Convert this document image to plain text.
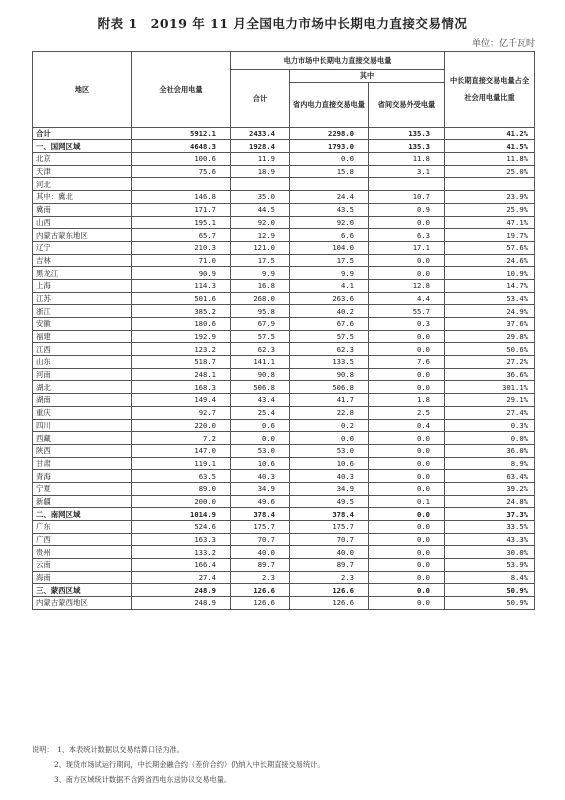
附表 1　2019 年 11 月全国电力市场中长期电力直接交易情况
单位：亿千瓦时
地区	全社会用电量	电力市场中长期电力直接交易电量			中长期直接交易电量占全社会用电量比重
		合计	其中		
			省内电力直接交易电量	省间交易外受电量	
合计	5912.1	2433.4	2298.0	135.3	41.2%
一、国网区域	4648.3	1928.4	1793.0	135.3	41.5%
北京	100.6	11.9	0.0	11.8	11.8%
天津	75.6	18.9	15.8	3.1	25.0%
河北					
其中：冀北	146.8	35.0	24.4	10.7	23.9%
冀南	171.7	44.5	43.5	0.9	25.9%
山西	195.1	92.0	92.0	0.0	47.1%
内蒙古蒙东地区	65.7	12.9	6.6	6.3	19.7%
辽宁	210.3	121.0	104.0	17.1	57.6%
吉林	71.0	17.5	17.5	0.0	24.6%
黑龙江	90.9	9.9	9.9	0.0	10.9%
上海	114.3	16.8	4.1	12.8	14.7%
江苏	501.6	268.0	263.6	4.4	53.4%
浙江	385.2	95.8	40.2	55.7	24.9%
安徽	180.6	67.9	67.6	0.3	37.6%
福建	192.9	57.5	57.5	0.0	29.8%
江西	123.2	62.3	62.3	0.0	50.6%
山东	518.7	141.1	133.5	7.6	27.2%
河南	248.1	90.8	90.8	0.0	36.6%
湖北	168.3	506.8	506.8	0.0	301.1%
湖南	149.4	43.4	41.7	1.8	29.1%
重庆	92.7	25.4	22.8	2.5	27.4%
四川	220.0	0.6	0.2	0.4	0.3%
西藏	7.2	0.0	0.0	0.0	0.0%
陕西	147.0	53.0	53.0	0.0	36.0%
甘肃	119.1	10.6	10.6	0.0	8.9%
青海	63.5	40.3	40.3	0.0	63.4%
宁夏	89.0	34.9	34.9	0.0	39.2%
新疆	200.0	49.6	49.5	0.1	24.8%
二、南网区域	1014.9	378.4	378.4	0.0	37.3%
广东	524.6	175.7	175.7	0.0	33.5%
广西	163.3	70.7	70.7	0.0	43.3%
贵州	133.2	40.0	40.0	0.0	30.0%
云南	166.4	89.7	89.7	0.0	53.9%
海南	27.4	2.3	2.3	0.0	8.4%
三、蒙西区域	248.9	126.6	126.6	0.0	50.9%
内蒙古蒙西地区	248.9	126.6	126.6	0.0	50.9%
说明：　1、本表统计数据以交易结算口径为准。
2、现货市场试运行期间，中长期金融合约（差价合约）仍纳入中长期直接交易统计。
3、南方区域统计数据不含跨省西电东送协议交易电量。
